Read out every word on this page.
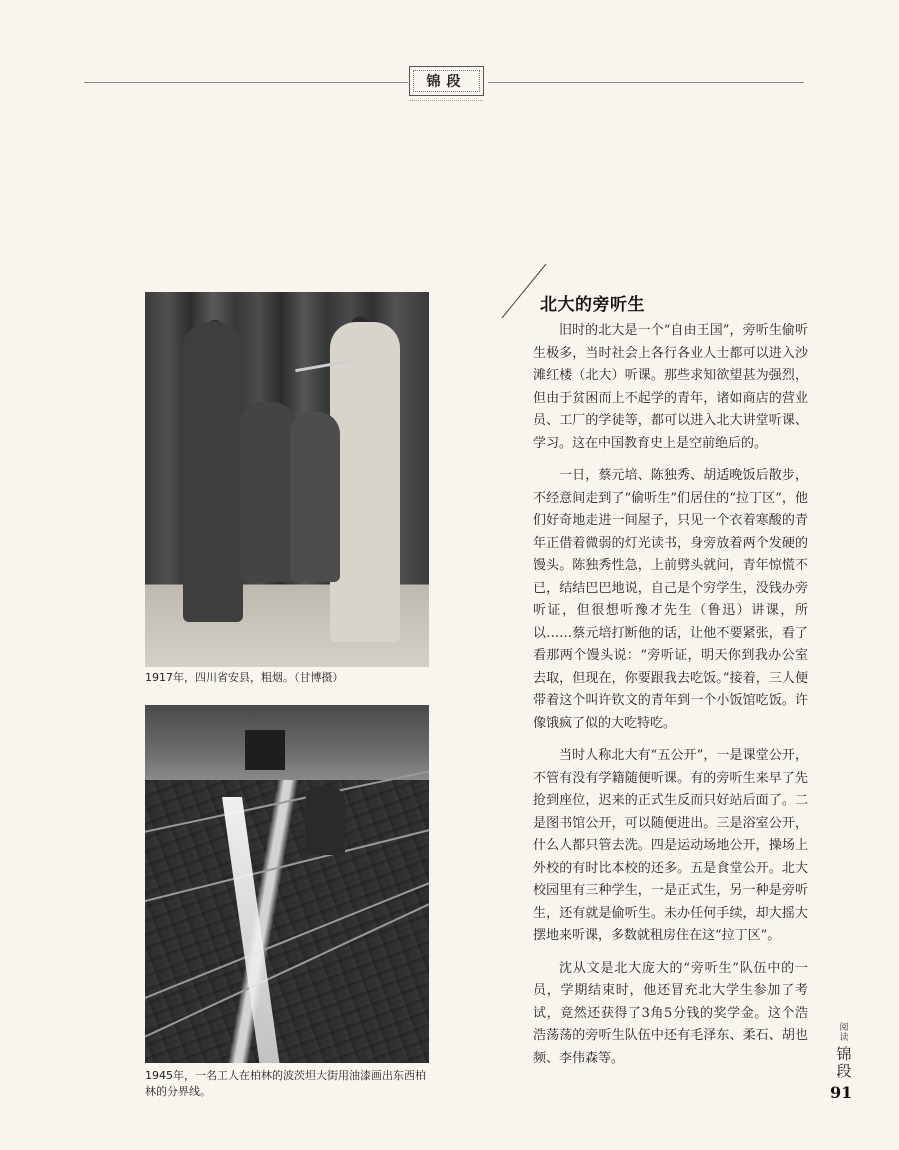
锦段
1917年，四川省安县，粗烟。（甘博摄）
1945年，一名工人在柏林的波茨坦大街用油漆画出东西柏林的分界线。
北大的旁听生

旧时的北大是一个“自由王国”，旁听生偷听生极多，当时社会上各行各业人士都可以进入沙滩红楼（北大）听课。那些求知欲望甚为强烈，但由于贫困而上不起学的青年，诸如商店的营业员、工厂的学徒等，都可以进入北大讲堂听课、学习。这在中国教育史上是空前绝后的。

一日，蔡元培、陈独秀、胡适晚饭后散步，不经意间走到了“偷听生”们居住的“拉丁区”，他们好奇地走进一间屋子，只见一个衣着寒酸的青年正借着微弱的灯光读书，身旁放着两个发硬的馒头。陈独秀性急，上前劈头就问，青年惊慌不已，结结巴巴地说，自己是个穷学生，没钱办旁听证，但很想听豫才先生（鲁迅）讲课，所以……蔡元培打断他的话，让他不要紧张，看了看那两个馒头说：“旁听证，明天你到我办公室去取，但现在，你要跟我去吃饭。”接着，三人便带着这个叫许钦文的青年到一个小饭馆吃饭。许像饿疯了似的大吃特吃。

当时人称北大有“五公开”，一是课堂公开，不管有没有学籍随便听课。有的旁听生来早了先抢到座位，迟来的正式生反而只好站后面了。二是图书馆公开，可以随便进出。三是浴室公开，什么人都只管去洗。四是运动场地公开，操场上外校的有时比本校的还多。五是食堂公开。北大校园里有三种学生，一是正式生，另一种是旁听生，还有就是偷听生。未办任何手续，却大摇大摆地来听课，多数就租房住在这“拉丁区”。

沈从文是北大庞大的“旁听生”队伍中的一员，学期结束时，他还冒充北大学生参加了考试，竟然还获得了3角5分钱的奖学金。这个浩浩荡荡的旁听生队伍中还有毛泽东、柔石、胡也频、李伟森等。

阅读
锦段
91
